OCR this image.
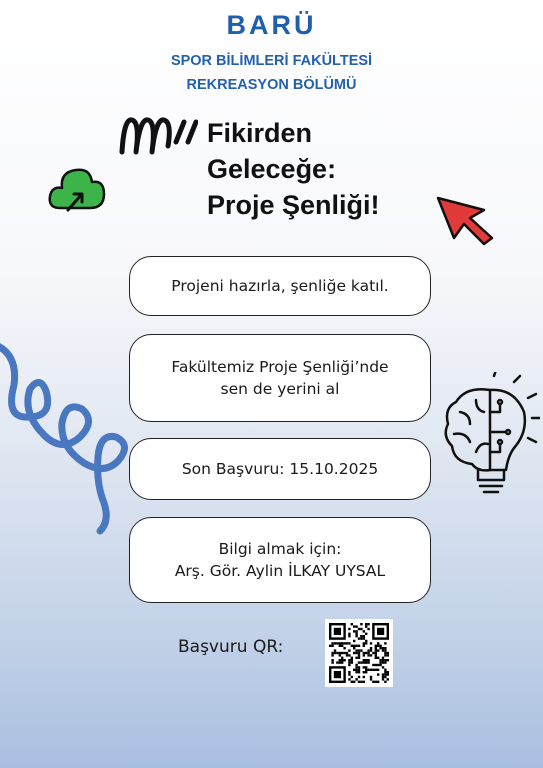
BARÜ
SPOR BİLİMLERİ FAKÜLTESİ
REKREASYON BÖLÜMÜ
Fikirden
Geleceğe:
Proje Şenliği!
Projeni hazırla, şenliğe katıl.
Fakültemiz Proje Şenliği’nde
sen de yerini al
Son Başvuru: 15.10.2025
Bilgi almak için:
Arş. Gör. Aylin İLKAY UYSAL
Başvuru QR:
